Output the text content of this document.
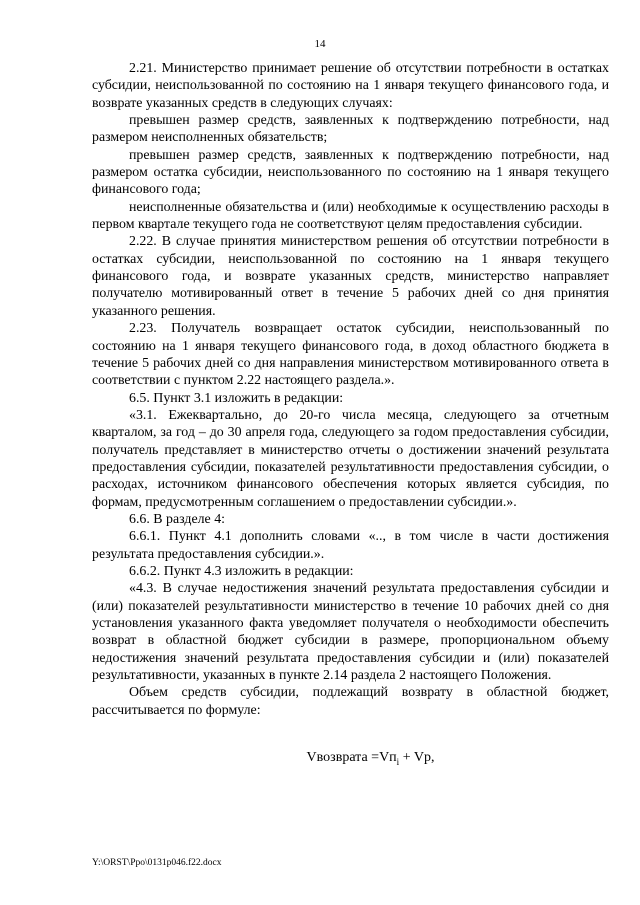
14

2.21. Министерство принимает решение об отсутствии потребности в остатках субсидии, неиспользованной по состоянию на 1 января текущего финансового года, и возврате указанных средств в следующих случаях:

превышен размер средств, заявленных к подтверждению потребности, над размером неисполненных обязательств;

превышен размер средств, заявленных к подтверждению потребности, над размером остатка субсидии, неиспользованного по состоянию на 1 января текущего финансового года;

неисполненные обязательства и (или) необходимые к осуществлению расходы в первом квартале текущего года не соответствуют целям предоставления субсидии.

2.22. В случае принятия министерством решения об отсутствии потребности в остатках субсидии, неиспользованной по состоянию на 1 января текущего финансового года, и возврате указанных средств, министерство направляет получателю мотивированный ответ в течение 5 рабочих дней со дня принятия указанного решения.

2.23. Получатель возвращает остаток субсидии, неиспользованный по состоянию на 1 января текущего финансового года, в доход областного бюджета в течение 5 рабочих дней со дня направления министерством мотивированного ответа в соответствии с пунктом 2.22 настоящего раздела.».

6.5. Пункт 3.1 изложить в редакции:

«3.1. Ежеквартально, до 20-го числа месяца, следующего за отчетным кварталом, за год – до 30 апреля года, следующего за годом предоставления субсидии, получатель представляет в министерство отчеты о достижении значений результата предоставления субсидии, показателей результативности предоставления субсидии, о расходах, источником финансового обеспечения которых является субсидия, по формам, предусмотренным соглашением о предоставлении субсидии.».

6.6. В разделе 4:

6.6.1. Пункт 4.1 дополнить словами «.., в том числе в части достижения результата предоставления субсидии.».

6.6.2. Пункт 4.3 изложить в редакции:

«4.3. В случае недостижения значений результата предоставления субсидии и (или) показателей результативности министерство в течение 10 рабочих дней со дня установления указанного факта уведомляет получателя о необходимости обеспечить возврат в областной бюджет субсидии в размере, пропорциональном объему недостижения значений результата предоставления субсидии и (или) показателей результативности, указанных в пункте 2.14 раздела 2 настоящего Положения.

Объем средств субсидии, подлежащий возврату в областной бюджет, рассчитывается по формуле:

Vвозврата $=Vп_i$ + Vр,

Y:\ORST\Ppo\0131p046.f22.docx
